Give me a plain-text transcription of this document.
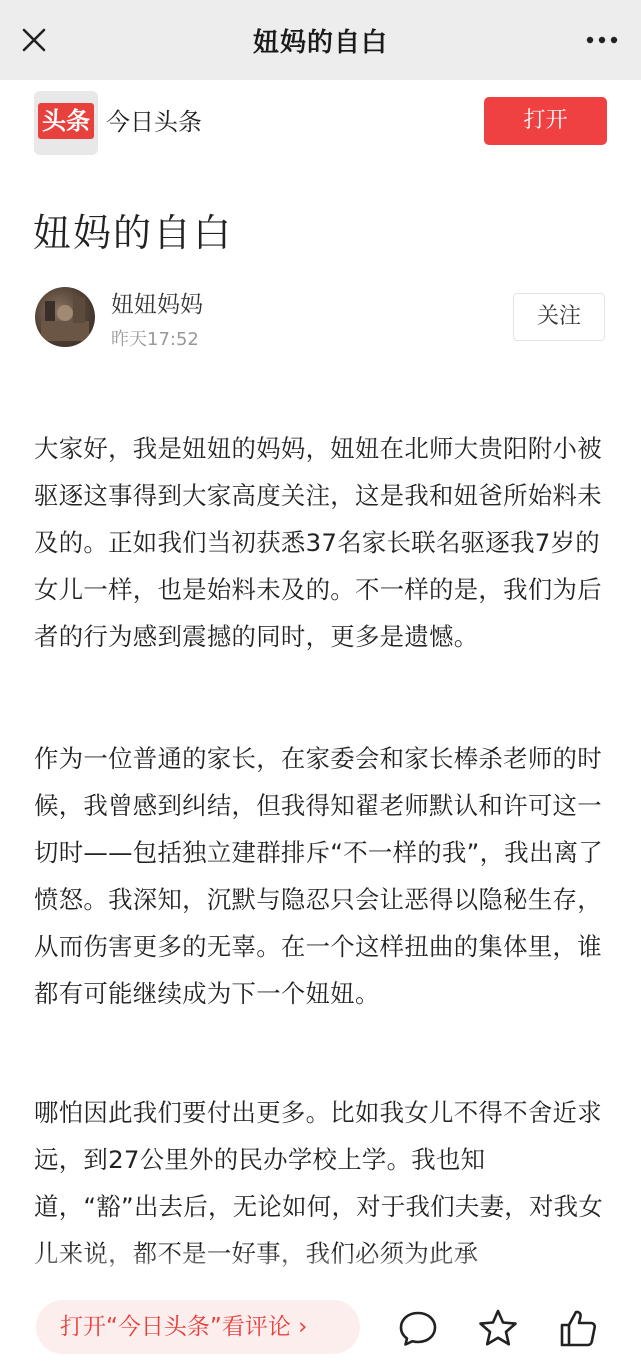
妞妈的自白
头条 今日头条	打开
妞妈的自白
妞妞妈妈
昨天17:52
关注

大家好，我是妞妞的妈妈，妞妞在北师大贵阳附小被驱逐这事得到大家高度关注，这是我和妞爸所始料未及的。正如我们当初获悉37名家长联名驱逐我7岁的女儿一样，也是始料未及的。不一样的是，我们为后者的行为感到震撼的同时，更多是遗憾。

作为一位普通的家长，在家委会和家长棒杀老师的时候，我曾感到纠结，但我得知翟老师默认和许可这一切时——包括独立建群排斥“不一样的我”，我出离了愤怒。我深知，沉默与隐忍只会让恶得以隐秘生存，从而伤害更多的无辜。在一个这样扭曲的集体里，谁都有可能继续成为下一个妞妞。

哪怕因此我们要付出更多。比如我女儿不得不舍近求远，到27公里外的民办学校上学。我也知道，“豁”出去后，无论如何，对于我们夫妻，对我女

打开“今日头条”看评论 ›
